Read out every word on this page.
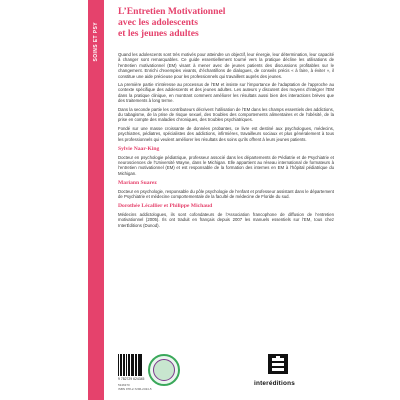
SOINS ET PSY
L’Entretien Motivationnel
avec les adolescents
et les jeunes adultes

Quand les adolescents sont très motivés pour atteindre un objectif, leur énergie, leur détermination, leur capacité à changer sont remarquables. Ce guide essentiellement tourné vers la pratique décline les utilisations de l’entretien motivationnel (EM) visant à mener avec de jeunes patients des discussions profitables sur le changement. Enrichi d’exemples vivants, d’échantillons de dialogues, de conseils précis « à faire, à éviter », il constitue une aide précieuse pour les professionnels qui travaillent auprès des jeunes.

La première partie s’intéresse au processus de l’EM et insiste sur l’importance de l’adaptation de l’approche au contexte spécifique des adolescents et des jeunes adultes. Les auteurs y discutent des moyens d’intégrer l’EM dans la pratique clinique, en montrant comment améliorer les résultats aussi bien des interactions brèves que des traitements à long terme.

Dans la seconde partie les contributeurs décrivent l’utilisation de l’EM dans les champs essentiels des addictions, du tabagisme, de la prise de risque sexuel, des troubles des comportements alimentaires et de l’obésité, de la prise en compte des maladies chroniques, des troubles psychiatriques.

Fondé sur une masse croissante de données probantes, ce livre est destiné aux psychologues, médecins, psychiatres, pédiatres, spécialistes des addictions, infirmières, travailleurs sociaux et plus généralement à tous les professionnels qui veulent améliorer les résultats des soins qu’ils offrent à leurs jeunes patients.

Sylvie Naar-King

Docteur en psychologie pédiatrique, professeur associé dans les départements de Pédiatrie et de Psychiatrie et neurosciences de l’Université Wayne, dans le Michigan. Elle appartient au réseau international de formateurs à l’entretien motivationnel (EM) et est responsable de la formation des internes en EM à l’hôpital pédiatrique du Michigan.

Mariann Suarez

Docteur en psychologie, responsable du pôle psychologie de l’enfant et professeur assistant dans le département de Psychiatrie et médecine comportementale de la faculté de médecine de Floride du sud.

Dorothée Lécallier et Philippe Michaud

Médecins addictologues, ils sont cofondateurs de l’Association francophone de diffusion de l’entretien motivationnel (2005). Ils ont traduit en français depuis 2007 les manuels essentiels sur l’EM, tous chez InterÉditions (Dunod).

9 782729 624345
5346370
ISBN 978-2-7296-2434-5
interéditions
